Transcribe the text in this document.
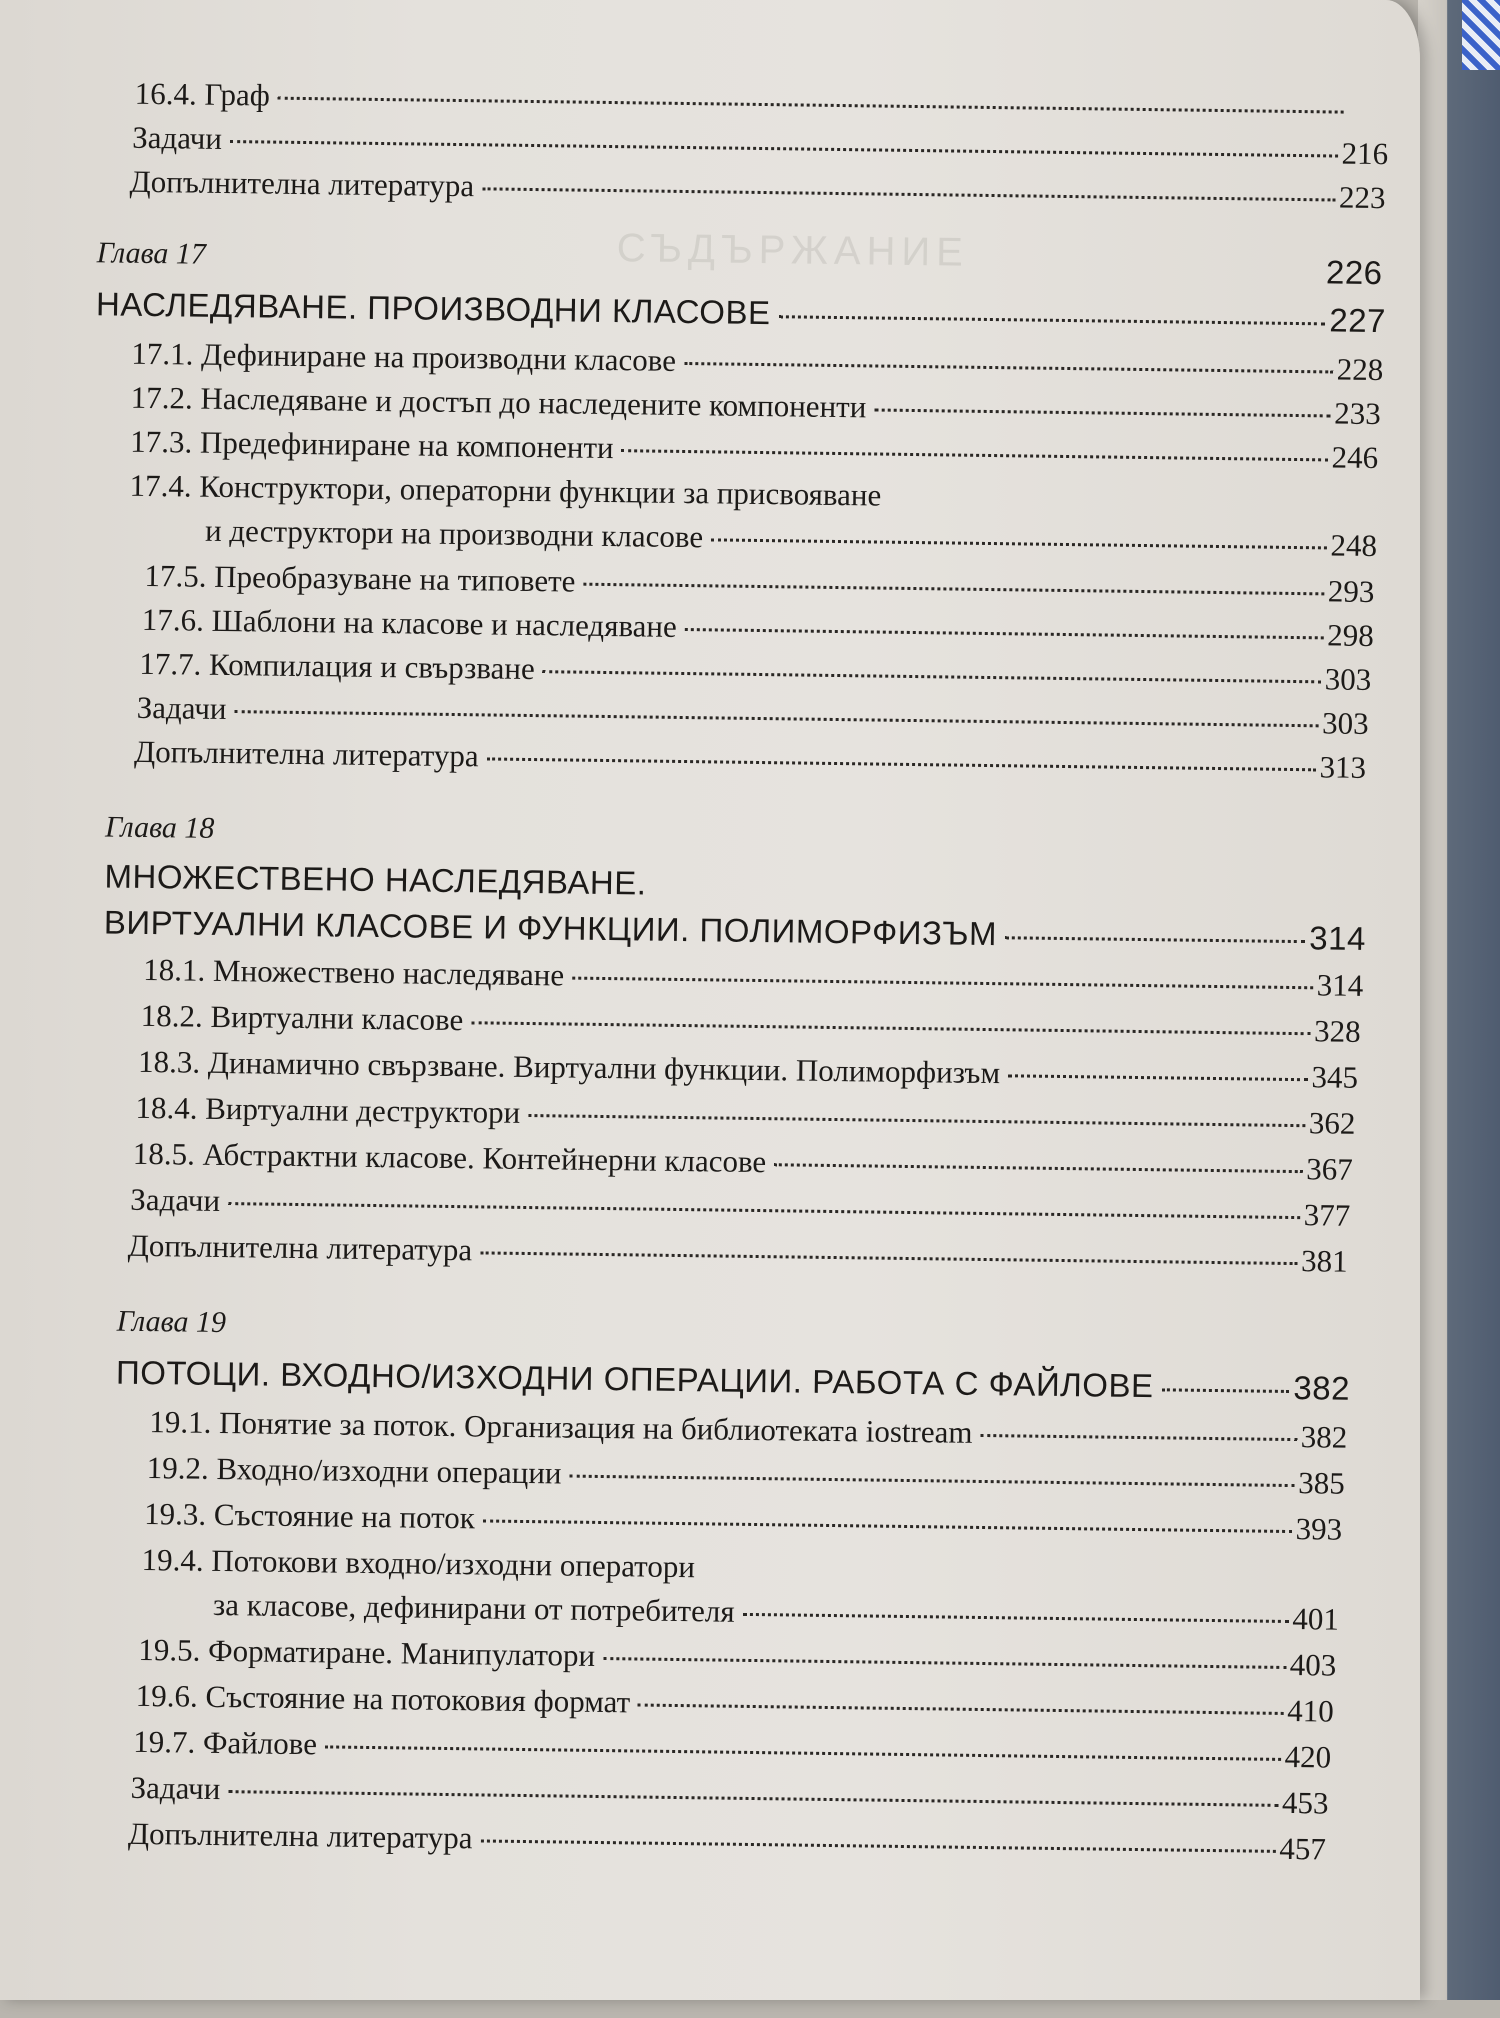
СЪДЪРЖАНИЕ
16.4. Граф
Задачи	216
Допълнителна литература	223
Глава 17	226
НАСЛЕДЯВАНЕ. ПРОИЗВОДНИ КЛАСОВЕ	227
17.1. Дефиниране на производни класове	228
17.2. Наследяване и достъп до наследените компоненти	233
17.3. Предефиниране на компоненти	246
17.4. Конструктори, операторни функции за присвояване
и деструктори на производни класове	248
17.5. Преобразуване на типовете	293
17.6. Шаблони на класове и наследяване	298
17.7. Компилация и свързване	303
Задачи	303
Допълнителна литература	313
Глава 18
МНОЖЕСТВЕНО НАСЛЕДЯВАНЕ.
ВИРТУАЛНИ КЛАСОВЕ И ФУНКЦИИ. ПОЛИМОРФИЗЪМ	314
18.1. Множествено наследяване	314
18.2. Виртуални класове	328
18.3. Динамично свързване. Виртуални функции. Полиморфизъм	345
18.4. Виртуални деструктори	362
18.5. Абстрактни класове. Контейнерни класове	367
Задачи	377
Допълнителна литература	381
Глава 19
ПОТОЦИ. ВХОДНО/ИЗХОДНИ ОПЕРАЦИИ. РАБОТА С ФАЙЛОВЕ	382
19.1. Понятие за поток. Организация на библиотеката iostream	382
19.2. Входно/изходни операции	385
19.3. Състояние на поток	393
19.4. Потокови входно/изходни оператори
за класове, дефинирани от потребителя	401
19.5. Форматиране. Манипулатори	403
19.6. Състояние на потоковия формат	410
19.7. Файлове	420
Задачи	453
Допълнителна литература	457
